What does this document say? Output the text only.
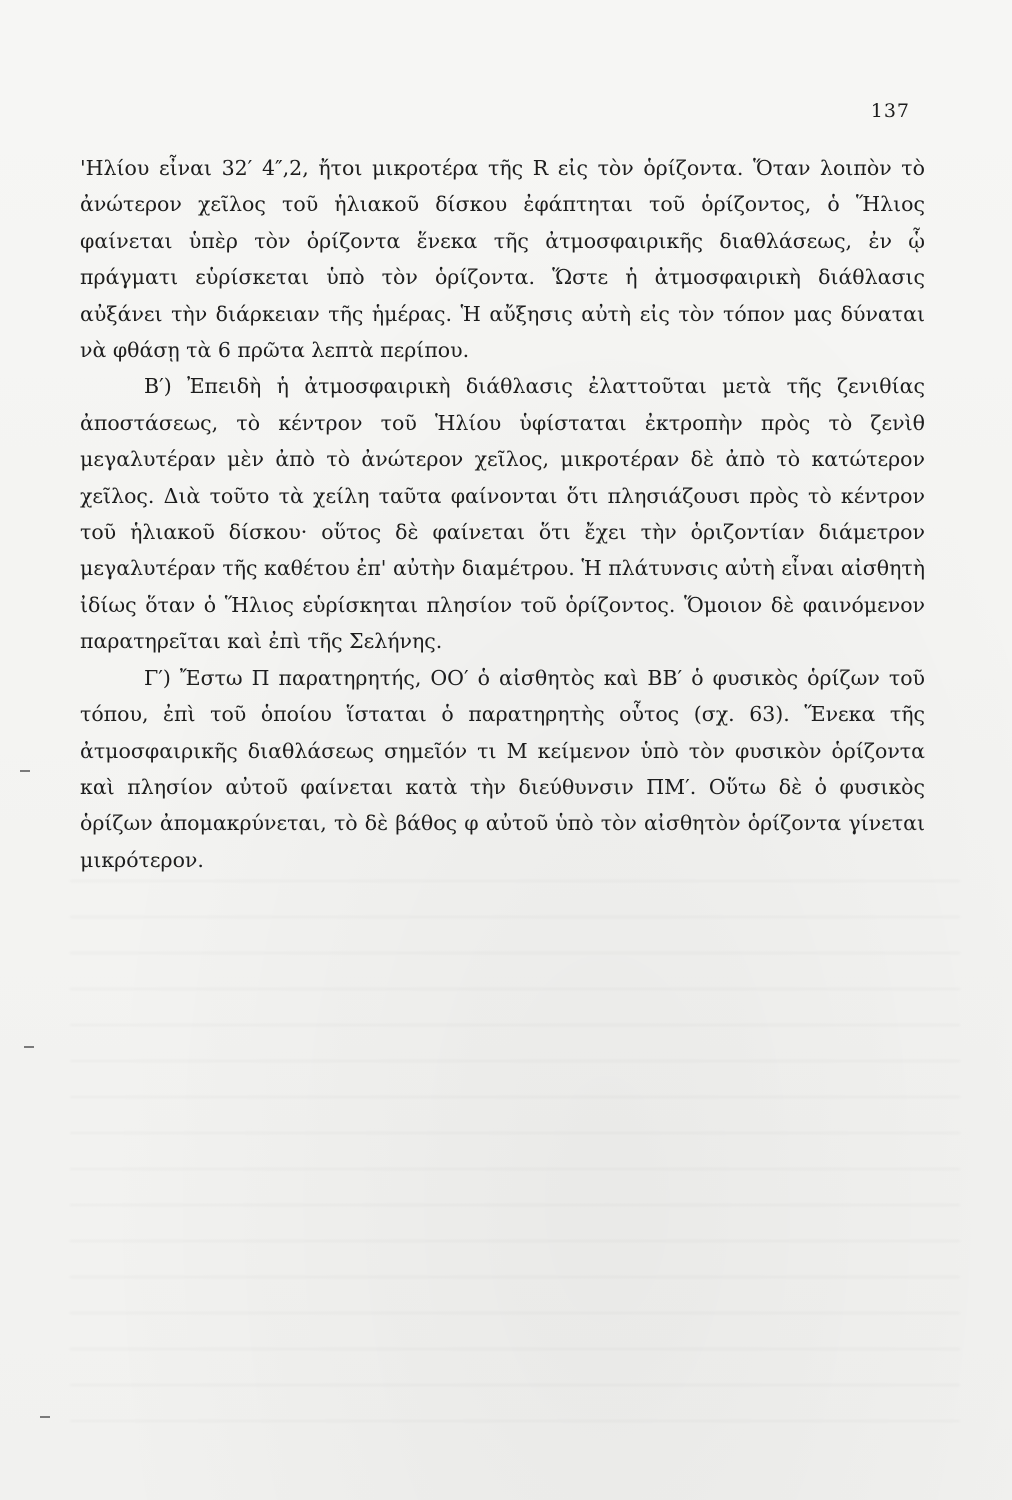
137

'Ηλίου εἶναι 32′ 4″,2, ἤτοι μικροτέρα τῆς R εἰς τὸν ὁρίζοντα. Ὅταν λοιπὸν τὸ ἀνώτερον χεῖλος τοῦ ἡλιακοῦ δίσκου ἐφάπτηται τοῦ ὁρίζοντος, ὁ Ἥλιος φαίνεται ὑπὲρ τὸν ὁρίζοντα ἕνεκα τῆς ἀτμοσφαιρικῆς διαθλάσεως, ἐν ᾧ πράγματι εὑρίσκεται ὑπὸ τὸν ὁρίζοντα. Ὥστε ἡ ἀτμοσφαιρικὴ διάθλασις αὐξάνει τὴν διάρκειαν τῆς ἡμέρας. Ἡ αὔξησις αὐτὴ εἰς τὸν τόπον μας δύναται νὰ φθάσῃ τὰ 6 πρῶτα λεπτὰ περίπου.

Β′) Ἐπειδὴ ἡ ἀτμοσφαιρικὴ διάθλασις ἐλαττοῦται μετὰ τῆς ζενιθίας ἀποστάσεως, τὸ κέντρον τοῦ Ἡλίου ὑφίσταται ἐκτροπὴν πρὸς τὸ ζενὶθ μεγαλυτέραν μὲν ἀπὸ τὸ ἀνώτερον χεῖλος, μικροτέραν δὲ ἀπὸ τὸ κατώτερον χεῖλος. Διὰ τοῦτο τὰ χείλη ταῦτα φαίνονται ὅτι πλησιάζουσι πρὸς τὸ κέντρον τοῦ ἡλιακοῦ δίσκου· οὕτος δὲ φαίνεται ὅτι ἔχει τὴν ὁριζοντίαν διάμετρον μεγαλυτέραν τῆς καθέτου ἐπ' αὐτὴν διαμέτρου. Ἡ πλάτυνσις αὐτὴ εἶναι αἰσθητὴ ἰδίως ὅταν ὁ Ἥλιος εὑρίσκηται πλησίον τοῦ ὁρίζοντος. Ὅμοιον δὲ φαινόμενον παρατηρεῖται καὶ ἐπὶ τῆς Σελήνης.

Γ′) Ἔστω Π παρατηρητής, ΟΟ′ ὁ αἰσθητὸς καὶ ΒΒ′ ὁ φυσικὸς ὁρίζων τοῦ τόπου, ἐπὶ τοῦ ὁποίου ἵσταται ὁ παρατηρητὴς οὗτος (σχ. 63). Ἕνεκα τῆς ἀτμοσφαιρικῆς διαθλάσεως σημεῖόν τι Μ κείμενον ὑπὸ τὸν φυσικὸν ὁρίζοντα καὶ πλησίον αὐτοῦ φαίνεται κατὰ τὴν διεύθυνσιν ΠΜ′. Οὕτω δὲ ὁ φυσικὸς ὁρίζων ἀπομακρύνεται, τὸ δὲ βάθος φ αὐτοῦ ὑπὸ τὸν αἰσθητὸν ὁρίζοντα γίνεται μικρότερον.
